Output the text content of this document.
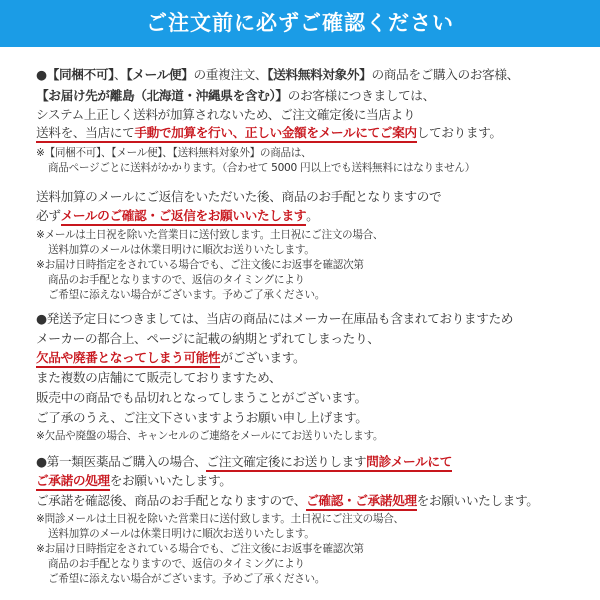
ご注文前に必ずご確認ください
●【同梱不可】、【メール便】の重複注文、【送料無料対象外】の商品をご購入のお客様、
【お届け先が離島（北海道・沖縄県を含む）】のお客様につきましては、
システム上正しく送料が加算されないため、ご注文確定後に当店より
送料を、当店にて手動で加算を行い、正しい金額をメールにてご案内しております。
※【同梱不可】、【メール便】、【送料無料対象外】の商品は、
商品ページごとに送料がかかります。（合わせて 5000 円以上でも送料無料にはなりません）
送料加算のメールにご返信をいただいた後、商品のお手配となりますので
必ずメールのご確認・ご返信をお願いいたします。
※メールは土日祝を除いた営業日に送付致します。土日祝にご注文の場合、
送料加算のメールは休業日明けに順次お送りいたします。
※お届け日時指定をされている場合でも、ご注文後にお返事を確認次第
商品のお手配となりますので、返信のタイミングにより
ご希望に添えない場合がございます。予めご了承ください。
●発送予定日につきましては、当店の商品にはメーカー在庫品も含まれておりますため
メーカーの都合上、ページに記載の納期とずれてしまったり、
欠品や廃番となってしまう可能性がございます。
また複数の店舗にて販売しておりますため、
販売中の商品でも品切れとなってしまうことがございます。
ご了承のうえ、ご注文下さいますようお願い申し上げます。
※欠品や廃盤の場合、キャンセルのご連絡をメールにてお送りいたします。
●第一類医薬品ご購入の場合、ご注文確定後にお送りします問診メールにて
ご承諾の処理をお願いいたします。
ご承諾を確認後、商品のお手配となりますので、ご確認・ご承諾処理をお願いいたします。
※問診メールは土日祝を除いた営業日に送付致します。土日祝にご注文の場合、
送料加算のメールは休業日明けに順次お送りいたします。
※お届け日時指定をされている場合でも、ご注文後にお返事を確認次第
商品のお手配となりますので、返信のタイミングにより
ご希望に添えない場合がございます。予めご了承ください。
